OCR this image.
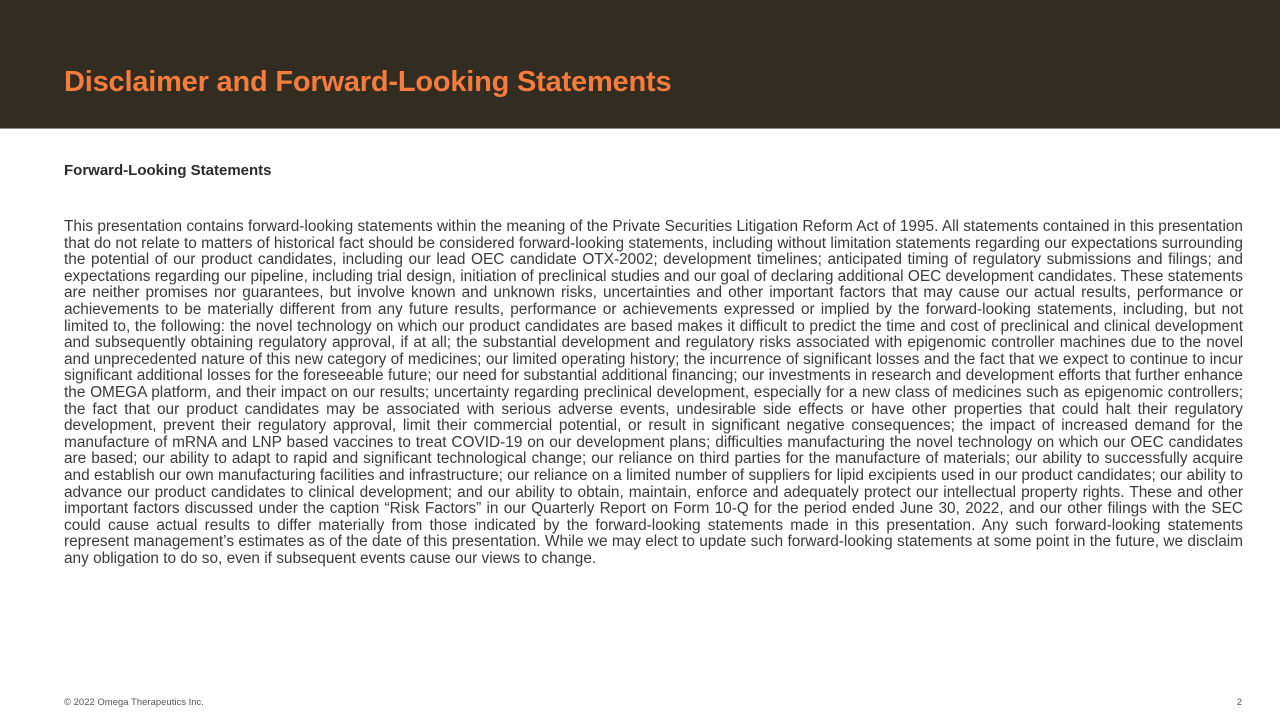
Disclaimer and Forward-Looking Statements
Forward-Looking Statements

This presentation contains forward-looking statements within the meaning of the Private Securities Litigation Reform Act of 1995. All statements contained in this presentation that do not relate to matters of historical fact should be considered forward-looking statements, including without limitation statements regarding our expectations surrounding the potential of our product candidates, including our lead OEC candidate OTX-2002; development timelines; anticipated timing of regulatory submissions and filings; and expectations regarding our pipeline, including trial design, initiation of preclinical studies and our goal of declaring additional OEC development candidates. These statements are neither promises nor guarantees, but involve known and unknown risks, uncertainties and other important factors that may cause our actual results, performance or achievements to be materially different from any future results, performance or achievements expressed or implied by the forward-looking statements, including, but not limited to, the following: the novel technology on which our product candidates are based makes it difficult to predict the time and cost of preclinical and clinical development and subsequently obtaining regulatory approval, if at all; the substantial development and regulatory risks associated with epigenomic controller machines due to the novel and unprecedented nature of this new category of medicines; our limited operating history; the incurrence of significant losses and the fact that we expect to continue to incur significant additional losses for the foreseeable future; our need for substantial additional financing; our investments in research and development efforts that further enhance the OMEGA platform, and their impact on our results; uncertainty regarding preclinical development, especially for a new class of medicines such as epigenomic controllers; the fact that our product candidates may be associated with serious adverse events, undesirable side effects or have other properties that could halt their regulatory development, prevent their regulatory approval, limit their commercial potential, or result in significant negative consequences; the impact of increased demand for the manufacture of mRNA and LNP based vaccines to treat COVID-19 on our development plans; difficulties manufacturing the novel technology on which our OEC candidates are based; our ability to adapt to rapid and significant technological change; our reliance on third parties for the manufacture of materials; our ability to successfully acquire and establish our own manufacturing facilities and infrastructure; our reliance on a limited number of suppliers for lipid excipients used in our product candidates; our ability to advance our product candidates to clinical development; and our ability to obtain, maintain, enforce and adequately protect our intellectual property rights. These and other important factors discussed under the caption “Risk Factors” in our Quarterly Report on Form 10-Q for the period ended June 30, 2022, and our other filings with the SEC could cause actual results to differ materially from those indicated by the forward-looking statements made in this presentation. Any such forward-looking statements represent management’s estimates as of the date of this presentation. While we may elect to update such forward-looking statements at some point in the future, we disclaim any obligation to do so, even if subsequent events cause our views to change.

© 2022 Omega Therapeutics Inc.	2
